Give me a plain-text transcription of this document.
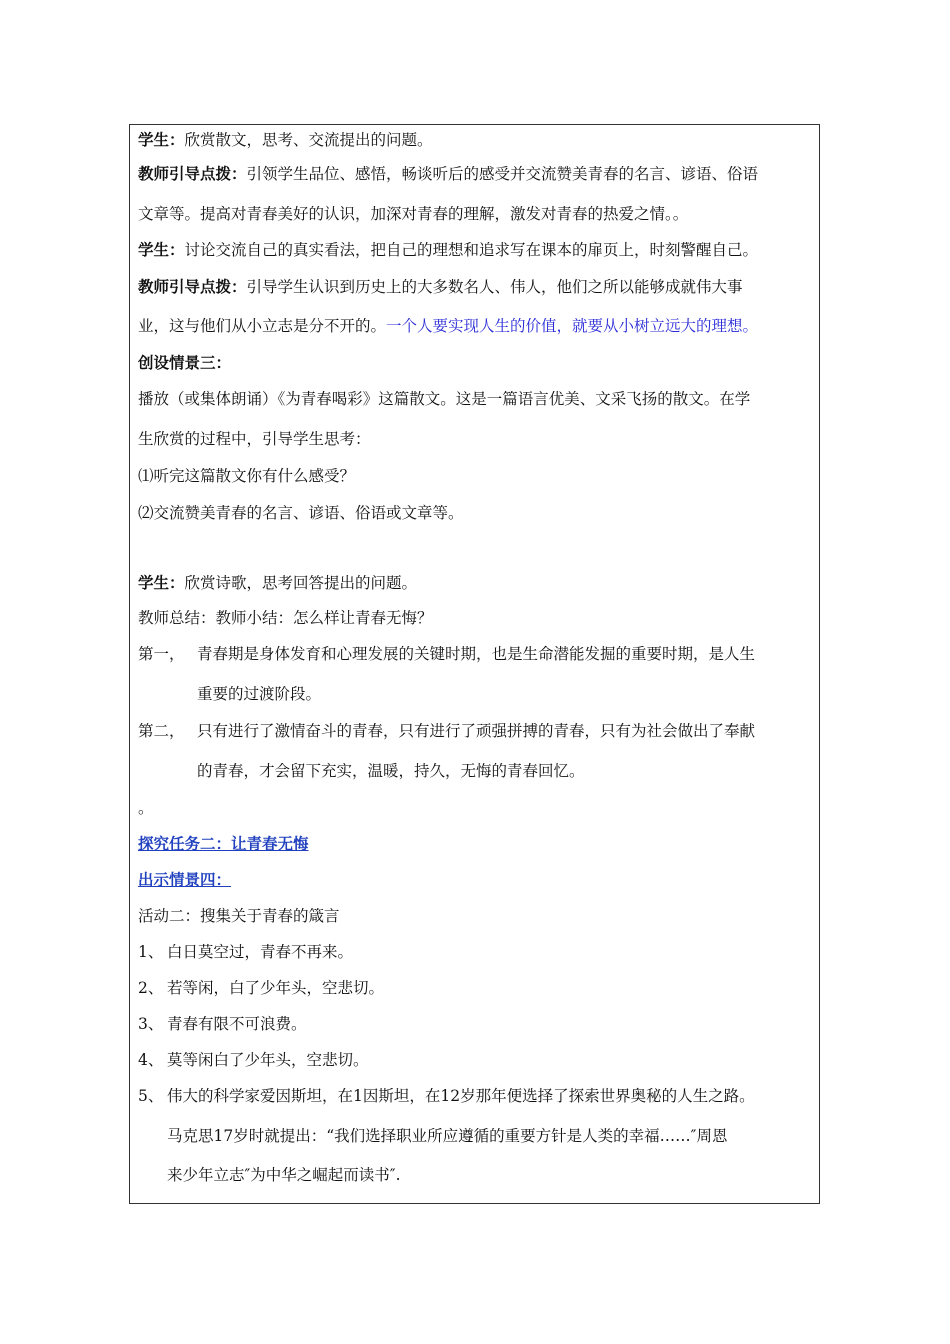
学生：欣赏散文，思考、交流提出的问题。
教师引导点拨：引领学生品位、感悟，畅谈听后的感受并交流赞美青春的名言、谚语、俗语
文章等。提高对青春美好的认识，加深对青春的理解，激发对青春的热爱之情。。
学生：讨论交流自己的真实看法，把自己的理想和追求写在课本的扉页上，时刻警醒自己。
教师引导点拨：引导学生认识到历史上的大多数名人、伟人，他们之所以能够成就伟大事
业，这与他们从小立志是分不开的。一个人要实现人生的价值，就要从小树立远大的理想。
创设情景三：
播放（或集体朗诵）《为青春喝彩》这篇散文。这是一篇语言优美、文采飞扬的散文。在学
生欣赏的过程中，引导学生思考：
⑴听完这篇散文你有什么感受？
⑵交流赞美青春的名言、谚语、俗语或文章等。
学生：欣赏诗歌，思考回答提出的问题。
教师总结：教师小结：怎么样让青春无悔？
第一， 青春期是身体发育和心理发展的关键时期，也是生命潜能发掘的重要时期，是人生
重要的过渡阶段。
第二， 只有进行了激情奋斗的青春，只有进行了顽强拼搏的青春，只有为社会做出了奉献
的青春，才会留下充实，温暖，持久，无悔的青春回忆。
。
探究任务二：让青春无悔
出示情景四：
活动二：搜集关于青春的箴言
1、 白日莫空过，青春不再来。
2、 若等闲，白了少年头，空悲切。
3、 青春有限不可浪费。
4、 莫等闲白了少年头，空悲切。
5、 伟大的科学家爱因斯坦，在1因斯坦，在12岁那年便选择了探索世界奥秘的人生之路。
马克思17岁时就提出：“我们选择职业所应遵循的重要方针是人类的幸福……″周恩
来少年立志″为中华之崛起而读书″.
